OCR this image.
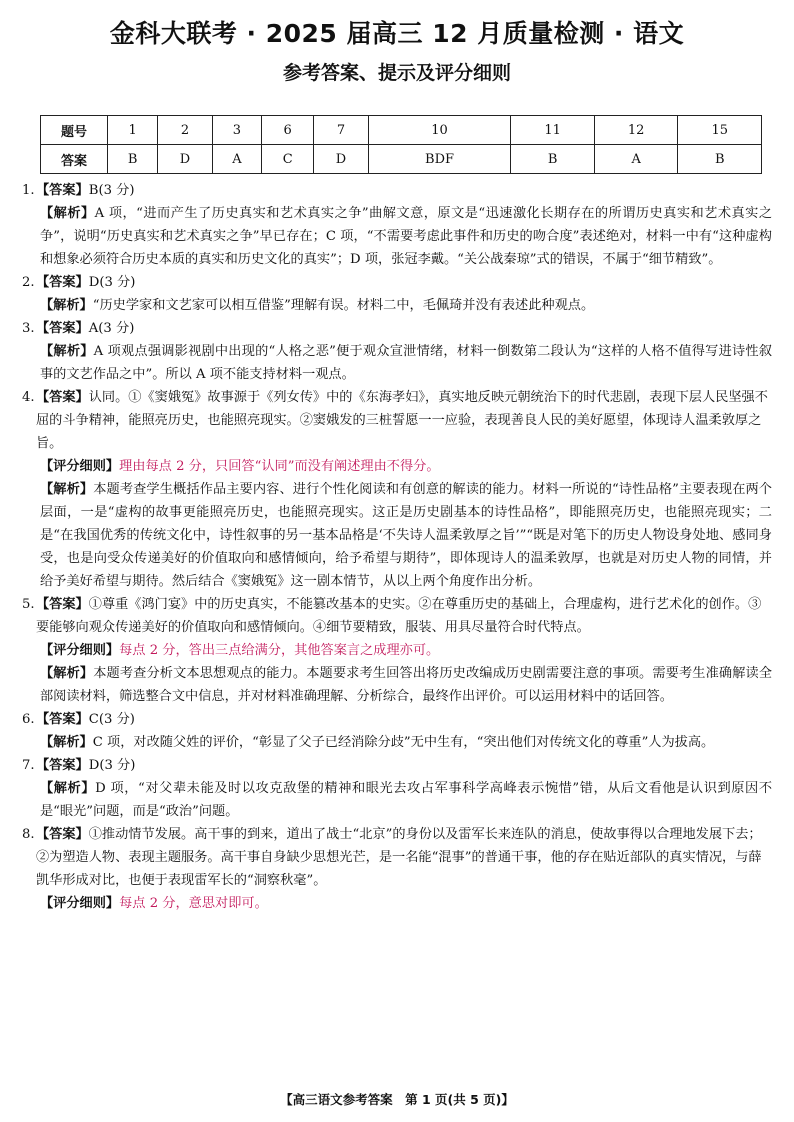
金科大联考 · 2025 届高三 12 月质量检测 · 语文
参考答案、提示及评分细则
题号	1	2	3	6	7	10	11	12	15
答案	B	D	A	C	D	BDF	B	A	B
1. 【答案】B(3 分)
【解析】A 项，“进而产生了历史真实和艺术真实之争”曲解文意，原文是“迅速激化长期存在的所谓历史真实和艺术真实之争”，说明“历史真实和艺术真实之争”早已存在；C 项，“不需要考虑此事件和历史的吻合度”表述绝对，材料一中有“这种虚构和想象必须符合历史本质的真实和历史文化的真实”；D 项，张冠李戴。“关公战秦琼”式的错误，不属于“细节精致”。
2. 【答案】D(3 分)
【解析】“历史学家和文艺家可以相互借鉴”理解有误。材料二中，毛佩琦并没有表述此种观点。
3. 【答案】A(3 分)
【解析】A 项观点强调影视剧中出现的“人格之恶”便于观众宣泄情绪，材料一倒数第二段认为“这样的人格不值得写进诗性叙事的文艺作品之中”。所以 A 项不能支持材料一观点。
4. 【答案】认同。①《窦娥冤》故事源于《列女传》中的《东海孝妇》，真实地反映元朝统治下的时代悲剧，表现下层人民坚强不屈的斗争精神，能照亮历史，也能照亮现实。②窦娥发的三桩誓愿一一应验，表现善良人民的美好愿望，体现诗人温柔敦厚之旨。
【评分细则】理由每点 2 分，只回答“认同”而没有阐述理由不得分。
【解析】本题考查学生概括作品主要内容、进行个性化阅读和有创意的解读的能力。材料一所说的“诗性品格”主要表现在两个层面，一是“虚构的故事更能照亮历史，也能照亮现实。这正是历史剧基本的诗性品格”，即能照亮历史，也能照亮现实；二是“在我国优秀的传统文化中，诗性叙事的另一基本品格是‘不失诗人温柔敦厚之旨’”“既是对笔下的历史人物设身处地、感同身受，也是向受众传递美好的价值取向和感情倾向，给予希望与期待”，即体现诗人的温柔敦厚，也就是对历史人物的同情，并给予美好希望与期待。然后结合《窦娥冤》这一剧本情节，从以上两个角度作出分析。
5. 【答案】①尊重《鸿门宴》中的历史真实，不能篡改基本的史实。②在尊重历史的基础上，合理虚构，进行艺术化的创作。③要能够向观众传递美好的价值取向和感情倾向。④细节要精致，服装、用具尽量符合时代特点。
【评分细则】每点 2 分，答出三点给满分，其他答案言之成理亦可。
【解析】本题考查分析文本思想观点的能力。本题要求考生回答出将历史改编成历史剧需要注意的事项。需要考生准确解读全部阅读材料，筛选整合文中信息，并对材料准确理解、分析综合，最终作出评价。可以运用材料中的话回答。
6. 【答案】C(3 分)
【解析】C 项，对改随父姓的评价，“彰显了父子已经消除分歧”无中生有，“突出他们对传统文化的尊重”人为拔高。
7. 【答案】D(3 分)
【解析】D 项，“对父辈未能及时以攻克敌堡的精神和眼光去攻占军事科学高峰表示惋惜”错，从后文看他是认识到原因不是“眼光”问题，而是“政治”问题。
8. 【答案】①推动情节发展。高干事的到来，道出了战士“北京”的身份以及雷军长来连队的消息，使故事得以合理地发展下去；②为塑造人物、表现主题服务。高干事自身缺少思想光芒，是一名能“混事”的普通干事，他的存在贴近部队的真实情况，与薛凯华形成对比，也便于表现雷军长的“洞察秋毫”。
【评分细则】每点 2 分，意思对即可。
【高三语文参考答案　第 1 页(共 5 页)】
